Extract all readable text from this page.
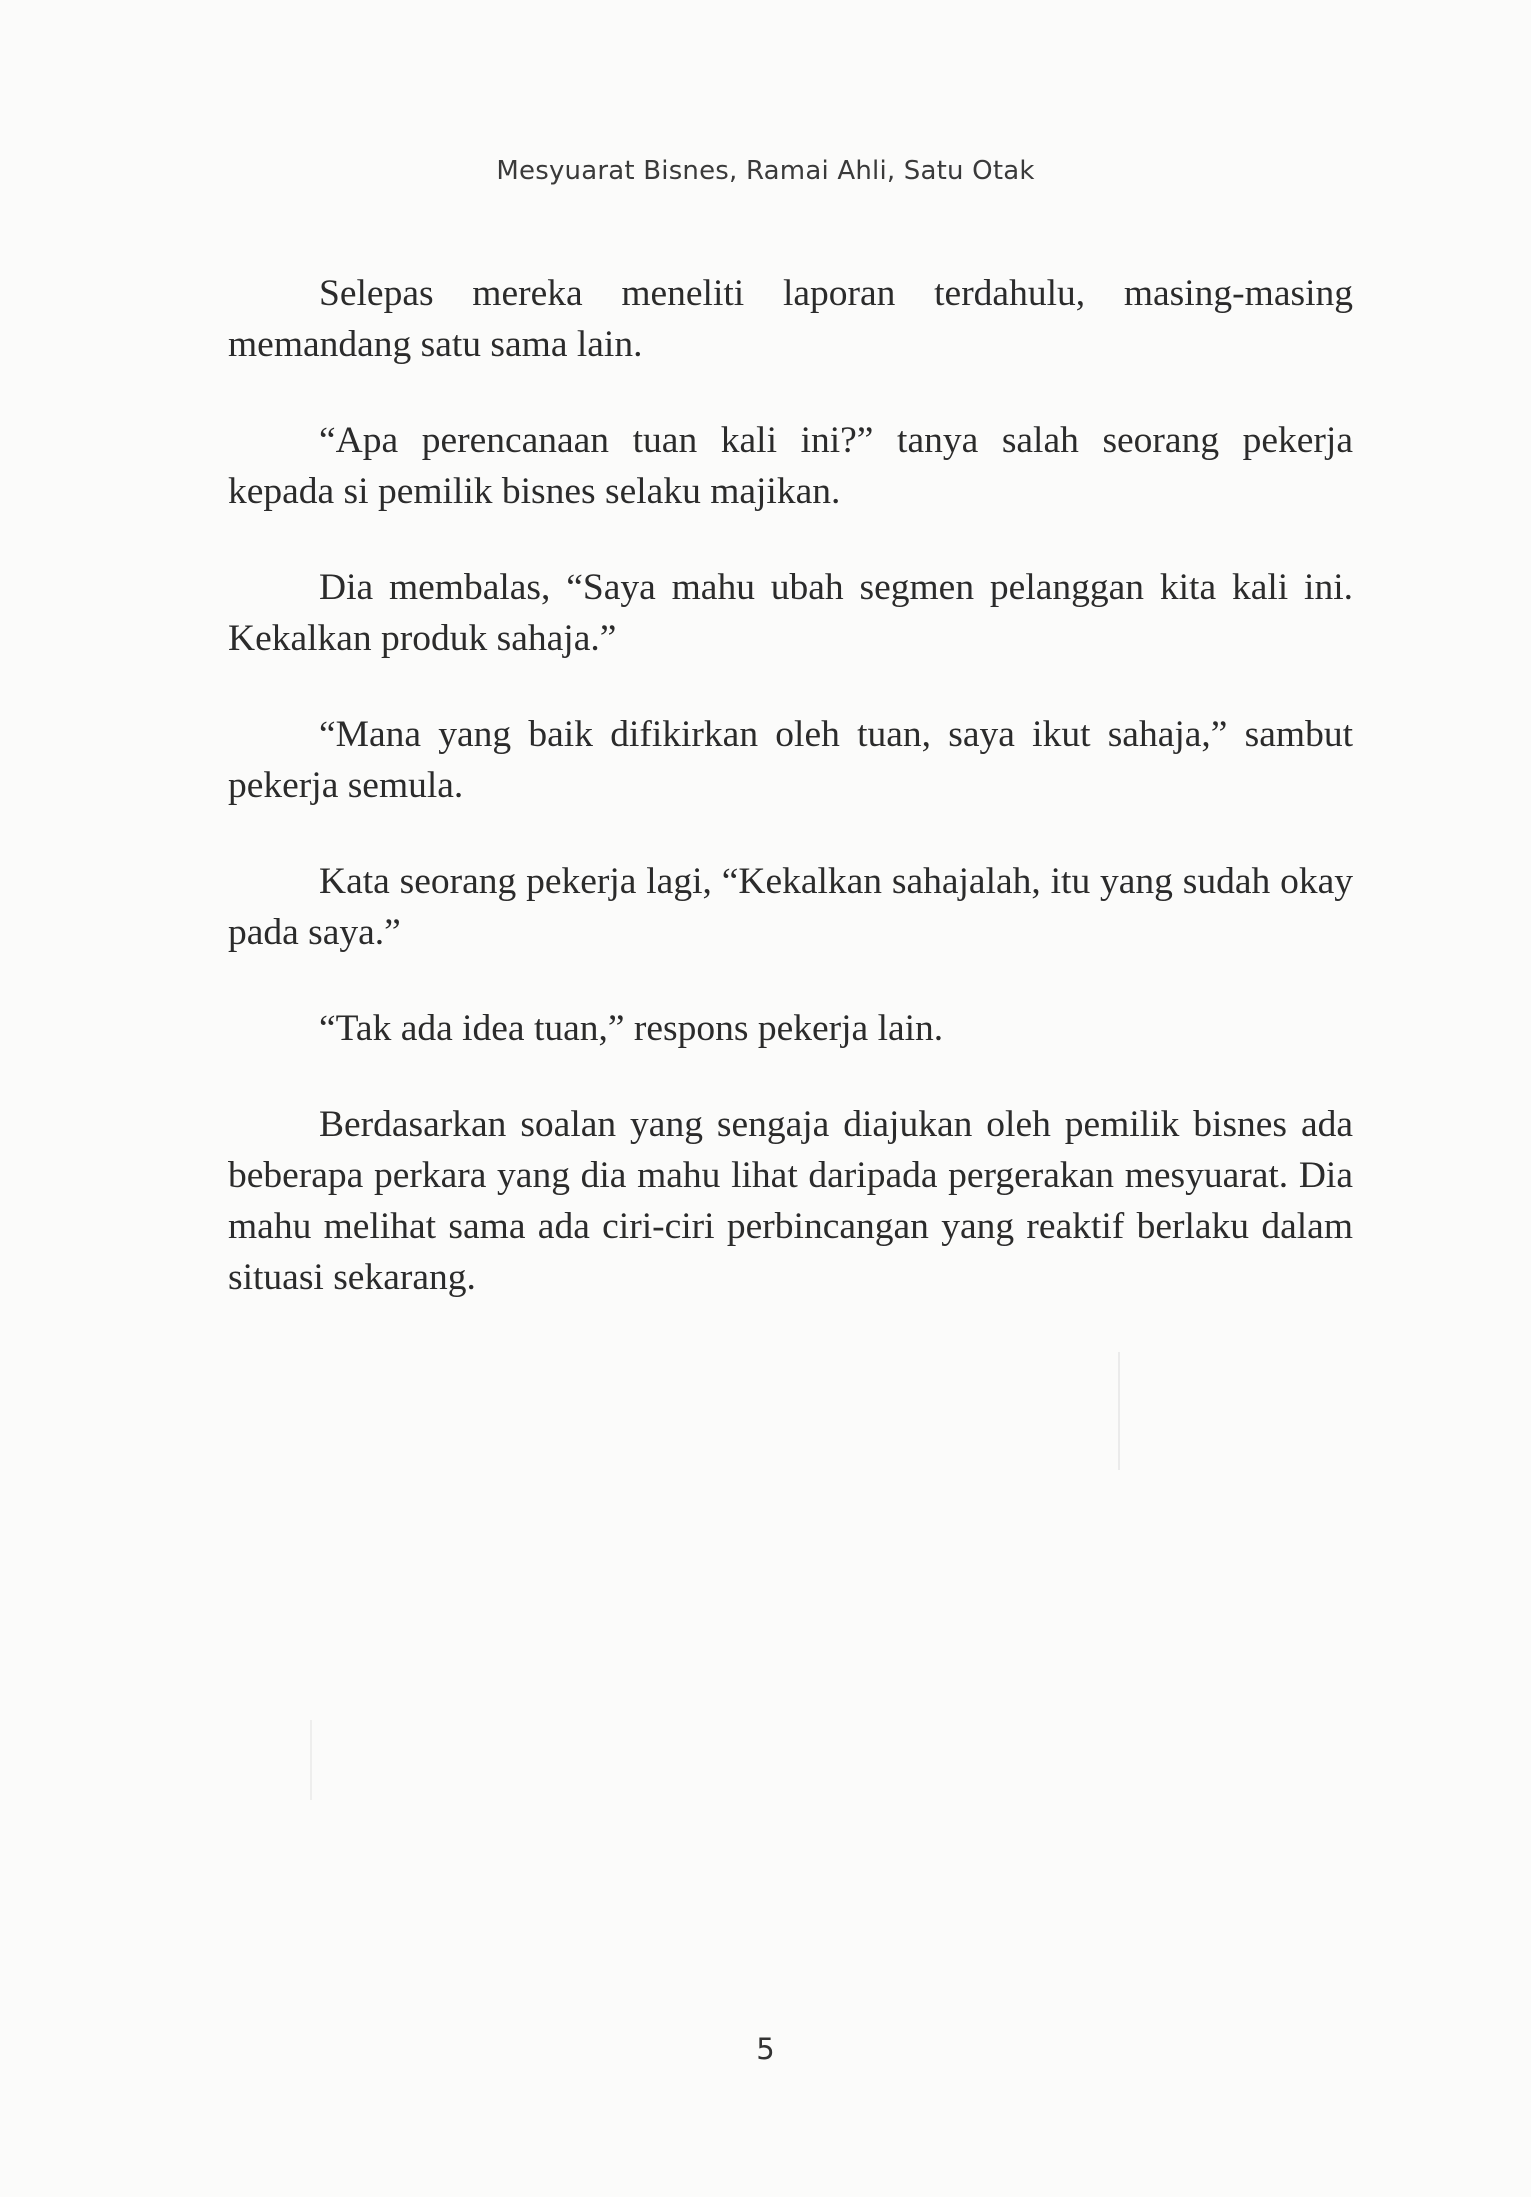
Mesyuarat Bisnes, Ramai Ahli, Satu Otak

Selepas mereka meneliti laporan terdahulu, masing-masing memandang satu sama lain.

“Apa perencanaan tuan kali ini?” tanya salah seorang pekerja kepada si pemilik bisnes selaku majikan.

Dia membalas, “Saya mahu ubah segmen pelanggan kita kali ini. Kekalkan produk sahaja.”

“Mana yang baik difikirkan oleh tuan, saya ikut sahaja,” sambut pekerja semula.

Kata seorang pekerja lagi, “Kekalkan sahajalah, itu yang sudah okay pada saya.”

“Tak ada idea tuan,” respons pekerja lain.

Berdasarkan soalan yang sengaja diajukan oleh pemilik bisnes ada beberapa perkara yang dia mahu lihat daripada pergerakan mesyuarat. Dia mahu melihat sama ada ciri-ciri perbincangan yang reaktif berlaku dalam situasi sekarang.

5
